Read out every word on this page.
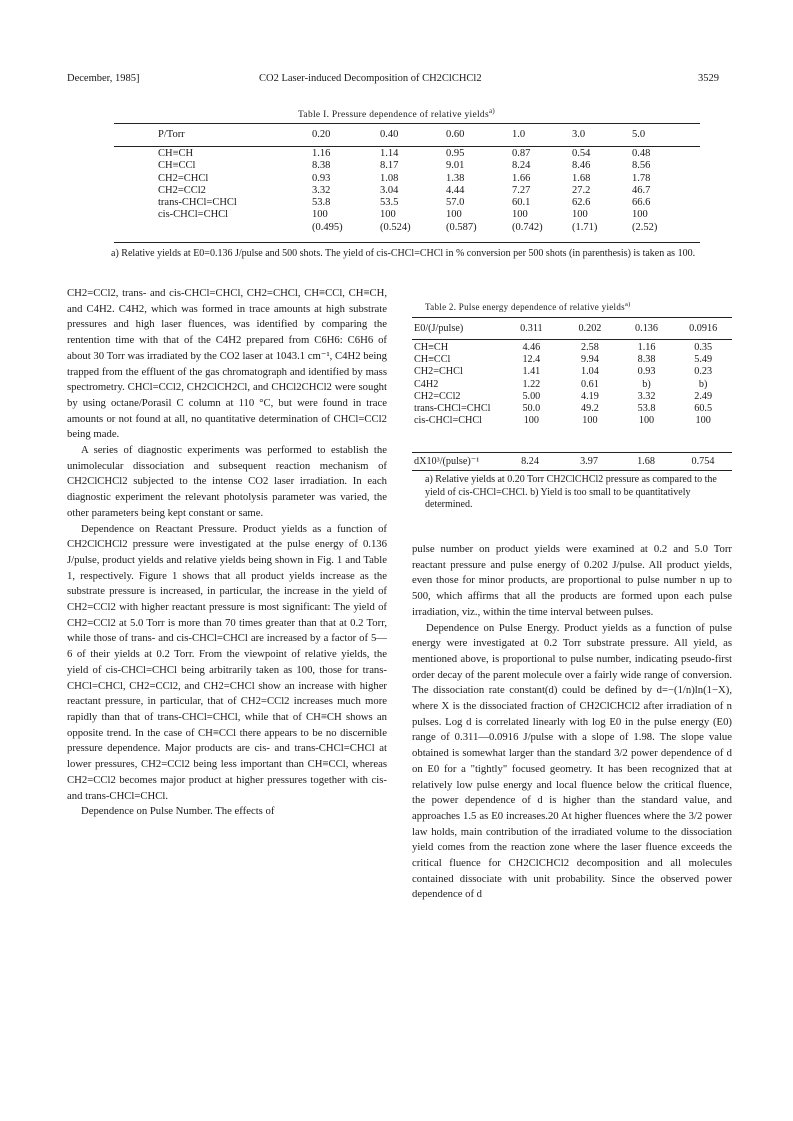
December, 1985]	CO2 Laser-induced Decomposition of CH2ClCHCl2	3529
Table I. Pressure dependence of relative yields$^{a)}$
P/Torr	0.20	0.40	0.60	1.0	3.0	5.0
CH≡CH	1.16	1.14	0.95	0.87	0.54	0.48
CH≡CCl	8.38	8.17	9.01	8.24	8.46	8.56
CH2=CHCl	0.93	1.08	1.38	1.66	1.68	1.78
CH2=CCl2	3.32	3.04	4.44	7.27	27.2	46.7
trans-CHCl=CHCl	53.8	53.5	57.0	60.1	62.6	66.6
cis-CHCl=CHCl	100	100	100	100	100	100
	(0.495)	(0.524)	(0.587)	(0.742)	(1.71)	(2.52)
a) Relative yields at E0=0.136 J/pulse and 500 shots. The yield of cis-CHCl=CHCl in % conversion per 500 shots (in parenthesis) is taken as 100.

CH2=CCl2, trans- and cis-CHCl=CHCl, CH2=CHCl, CH≡CCl, CH≡CH, and C4H2. C4H2, which was formed in trace amounts at high substrate pressures and high laser fluences, was identified by comparing the rentention time with that of the C4H2 prepared from C6H6: C6H6 of about 30 Torr was irradiated by the CO2 laser at 1043.1 cm⁻¹, C4H2 being trapped from the effluent of the gas chromatograph and identified by mass spectrometry. CHCl=CCl2, CH2ClCH2Cl, and CHCl2CHCl2 were sought by using octane/Porasil C column at 110 °C, but were found in trace amounts or not found at all, no quantitative determination of CHCl=CCl2 being made.

A series of diagnostic experiments was performed to establish the unimolecular dissociation and subsequent reaction mechanism of CH2ClCHCl2 subjected to the intense CO2 laser irradiation. In each diagnostic experiment the relevant photolysis parameter was varied, the other parameters being kept constant or same.

Dependence on Reactant Pressure. Product yields as a function of CH2ClCHCl2 pressure were investigated at the pulse energy of 0.136 J/pulse, product yields and relative yields being shown in Fig. 1 and Table 1, respectively. Figure 1 shows that all product yields increase as the substrate pressure is increased, in particular, the increase in the yield of CH2=CCl2 with higher reactant pressure is most significant: The yield of CH2=CCl2 at 5.0 Torr is more than 70 times greater than that at 0.2 Torr, while those of trans- and cis-CHCl=CHCl are increased by a factor of 5—6 of their yields at 0.2 Torr. From the viewpoint of relative yields, the yield of cis-CHCl=CHCl being arbitrarily taken as 100, those for trans-CHCl=CHCl, CH2=CCl2, and CH2=CHCl show an increase with higher reactant pressure, in particular, that of CH2=CCl2 increases much more rapidly than that of trans-CHCl=CHCl, while that of CH≡CH shows an opposite trend. In the case of CH≡CCl there appears to be no discernible pressure dependence. Major products are cis- and trans-CHCl=CHCl at lower pressures, CH2=CCl2 being less important than CH≡CCl, whereas CH2=CCl2 becomes major product at higher pressures together with cis- and trans-CHCl=CHCl.

Dependence on Pulse Number. The effects of

Table 2. Pulse energy dependence of relative yields$^{a)}$
E0/(J/pulse)	0.311	0.202	0.136	0.0916
CH≡CH	4.46	2.58	1.16	0.35
CH≡CCl	12.4	9.94	8.38	5.49
CH2=CHCl	1.41	1.04	0.93	0.23
C4H2	1.22	0.61	b)	b)
CH2=CCl2	5.00	4.19	3.32	2.49
trans-CHCl=CHCl	50.0	49.2	53.8	60.5
cis-CHCl=CHCl	100	100	100	100
dX10³/(pulse)⁻¹	8.24	3.97	1.68	0.754
a) Relative yields at 0.20 Torr CH2ClCHCl2 pressure as compared to the yield of cis-CHCl=CHCl. b) Yield is too small to be quantitatively determined.

pulse number on product yields were examined at 0.2 and 5.0 Torr reactant pressure and pulse energy of 0.202 J/pulse. All product yields, even those for minor products, are proportional to pulse number n up to 500, which affirms that all the products are formed upon each pulse irradiation, viz., within the time interval between pulses.

Dependence on Pulse Energy. Product yields as a function of pulse energy were investigated at 0.2 Torr substrate pressure. All yield, as mentioned above, is proportional to pulse number, indicating pseudo-first order decay of the parent molecule over a fairly wide range of conversion. The dissociation rate constant(d) could be defined by d=−(1/n)ln(1−X), where X is the dissociated fraction of CH2ClCHCl2 after irradiation of n pulses. Log d is correlated linearly with log E0 in the pulse energy (E0) range of 0.311—0.0916 J/pulse with a slope of 1.98. The slope value obtained is somewhat larger than the standard 3/2 power dependence of d on E0 for a "tightly" focused geometry. It has been recognized that at relatively low pulse energy and local fluence below the critical fluence, the power dependence of d is higher than the standard value, and approaches 1.5 as E0 increases.20 At higher fluences where the 3/2 power law holds, main contribution of the irradiated volume to the dissociation yield comes from the reaction zone where the laser fluence exceeds the critical fluence for CH2ClCHCl2 decomposition and all molecules contained dissociate with unit probability. Since the observed power dependence of d
